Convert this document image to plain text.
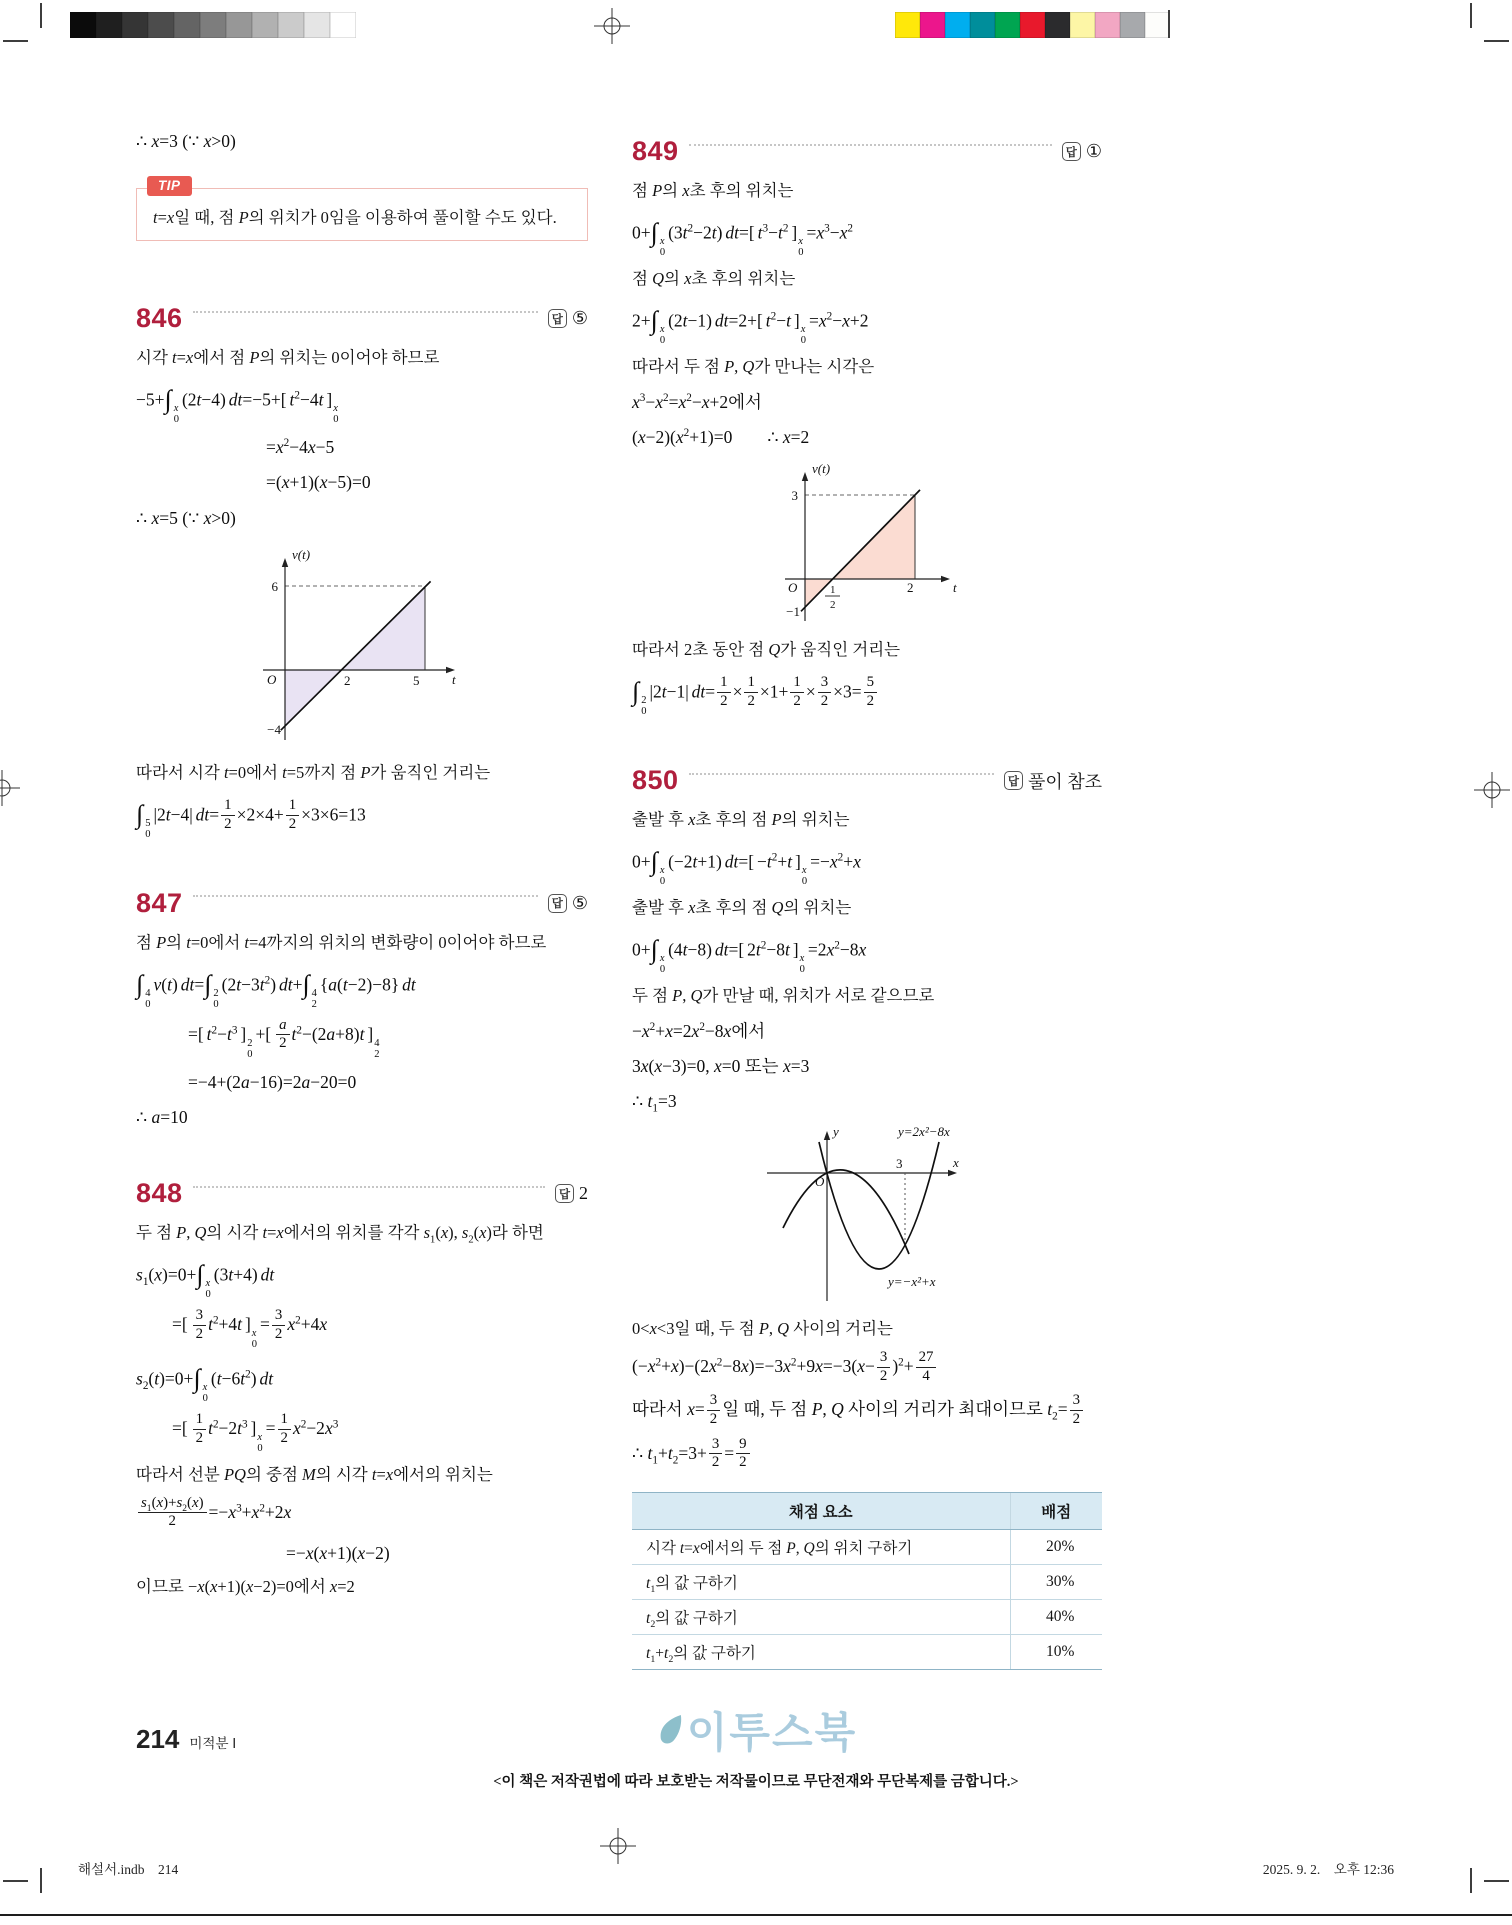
∴ x=3 (∵ x>0)

TIP

t=x일 때, 점 P의 위치가 0임을 이용하여 풀이할 수도 있다.

846	답 ⑤

시각 t=x에서 점 P의 위치는 0이어야 하므로

−5+∫ x
0
(2t−4) dt=−5+[ $t^2-4t$ ] x
0

$=x^2-4x-5$

=(x+1)(x−5)=0

∴ x=5 (∵ x>0)

v(t)
6
O	2	5	t
−4

따라서 시각 t=0에서 t=5까지 점 P가 움직인 거리는

∫ 5
0
|2t−4| $dt= \frac{1}{2} \times 2\times 4+ \frac{1}{2} \times 3\times 6=13$

847	답 ⑤

점 P의 t=0에서 t=4까지의 위치의 변화량이 0이어야 하므로

∫ 4
0
v(t) dt=∫ 2
0
$(2t-3t^2)$ dt+∫ 4
2
{a(t−2)−8} dt

=[ $t^2-t^3$ ] 2
0
+[  $\frac{a}{2} t^2-(2a+8)t$ ] 4
2

=−4+(2a−16)=2a−20=0

∴ a=10

848	답 2

두 점 P, Q의 시각 t=x에서의 위치를 각각 $s_1(x)$, $s_2(x)$라 하면

$s_1(x)=0+\int$ x
0
(3t+4) dt

=[  $\frac{3}{2} t^2+4t$ ] x
0
= $\frac{3}{2} x^2+4x$

$s_2(t)=0+\int$ x
0
$(t-6t^2)$ dt

=[  $\frac{1}{2} t^2-2t^3$ ] x
0
= $\frac{1}{2} x^2-2x^3$

따라서 선분 PQ의 중점 M의 시각 t=x에서의 위치는

$\frac{s_1(x)+s_2(x)}{2} =-x^3+x^2+2x$

=−x(x+1)(x−2)

이므로 −x(x+1)(x−2)=0에서 x=2

849	답 ①

점 P의 x초 후의 위치는

0+∫ x
0
$(3t^2-2t)$ dt=[ $t^3-t^2$ ] x
0
$=x^3-x^2$

점 Q의 x초 후의 위치는

2+∫ x
0
(2t−1) dt=2+[ $t^2-t$ ] x
0
$=x^2-x+2$

따라서 두 점 P, Q가 만나는 시각은

$x^3-x^2=x^2-x+2$에서

$(x-2)(x^2+1)=0$  ∴ x=2

v(t)
3
O	1
2
2	t
−1

따라서 2초 동안 점 Q가 움직인 거리는

∫ 2
0
|2t−1| $dt= \frac{1}{2} \times \frac{1}{2} \times 1+ \frac{1}{2} \times \frac{3}{2} \times 3= \frac{5}{2}$

850	답 풀이 참조

출발 후 x초 후의 점 P의 위치는

0+∫ x
0
(−2t+1) dt=[ $-t^2+t$ ] x
0
$=-x^2+x$

출발 후 x초 후의 점 Q의 위치는

0+∫ x
0
(4t−8) dt=[ $2t^2-8t$ ] x
0
$=2x^2-8x$

두 점 P, Q가 만날 때, 위치가 서로 같으므로

$-x^2+x=2x^2-8x$에서

3x(x−3)=0, x=0 또는 x=3

∴ $t_1=3$

y
x
O
3
y=2x²−8x
y=−x²+x

0<x<3일 때, 두 점 P, Q 사이의 거리는

$(-x^2+x)-(2x^2-8x)=-3x^2+9x=-3(x- \frac{3}{2} )^2+ \frac{27}{4}$

따라서 $x= \frac{3}{2}$ 일 때, 두 점 P, Q 사이의 거리가 최대이므로 $t_2= \frac{3}{2}$

∴ $t_1+t_2=3+ \frac{3}{2} = \frac{9}{2}$

채점 요소	배점
시각 t=x에서의 두 점 P, Q의 위치 구하기	20%
$t_1$의 값 구하기	30%
$t_2$의 값 구하기	40%
$t_1+t_2$의 값 구하기	10%
214 미적분 Ⅰ	이투스북
<이 책은 저작권법에 따라 보호받는 저작물이므로 무단전재와 무단복제를 금합니다.>
해설서.indb 214	2025. 9. 2. 오후 12:36
